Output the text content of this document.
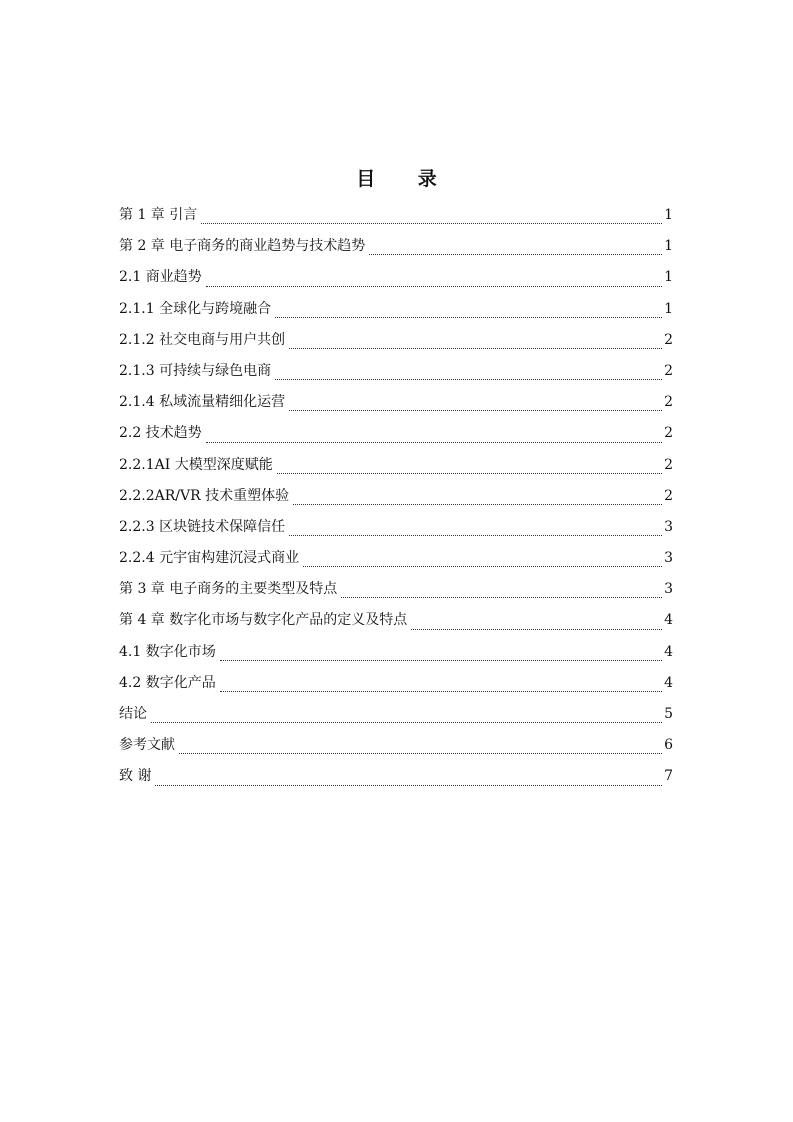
目 录
第 1 章 引言	1
第 2 章 电子商务的商业趋势与技术趋势	1
2.1 商业趋势	1
2.1.1 全球化与跨境融合	1
2.1.2 社交电商与用户共创	2
2.1.3 可持续与绿色电商	2
2.1.4 私域流量精细化运营	2
2.2 技术趋势	2
2.2.1AI 大模型深度赋能	2
2.2.2AR/VR 技术重塑体验	2
2.2.3 区块链技术保障信任	3
2.2.4 元宇宙构建沉浸式商业	3
第 3 章 电子商务的主要类型及特点	3
第 4 章 数字化市场与数字化产品的定义及特点	4
4.1 数字化市场	4
4.2 数字化产品	4
结论	5
参考文献	6
致 谢	7
